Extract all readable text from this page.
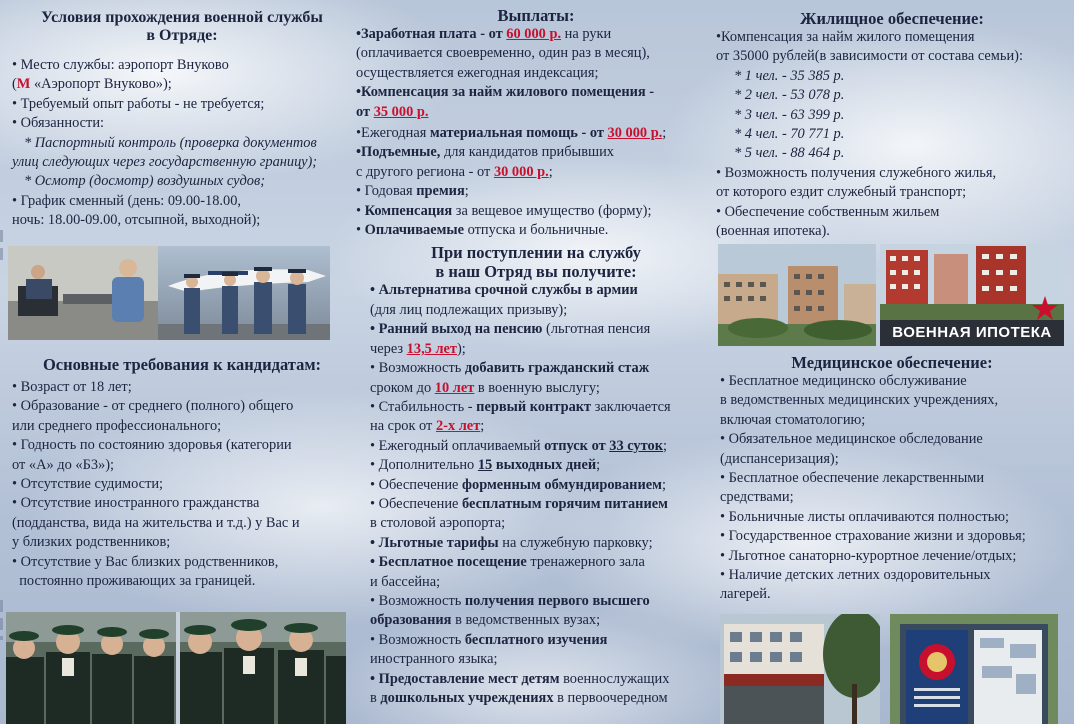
Условия прохождения военной службы
в Отряде:

• Место службы: аэропорт Внуково

(М «Аэропорт Внуково»);

• Требуемый опыт работы - не требуется;

• Обязанности:

* Паспортный контроль (проверка документов

улиц следующих через государственную границу);

* Осмотр (досмотр) воздушных судов;

• График сменный (день: 09.00-18.00,

ночь: 18.00-09.00, отсыпной, выходной);

Основные требования к кандидатам:

• Возраст от 18 лет;

• Образование - от среднего (полного) общего

или среднего профессионального;

• Годность по состоянию здоровья (категории

от «А» до «Б3»);

• Отсутствие судимости;

• Отсутствие иностранного гражданства

(подданства, вида на жительства и т.д.) у Вас и

у близких родственников;

• Отсутствие у Вас близких родственников,

постоянно проживающих за границей.

Выплаты:

•Заработная плата - от 60 000 р. на руки

(оплачивается своевременно, один раз в месяц),

осуществляется ежегодная индексация;

•Компенсация за найм жилового помещения -

от 35 000 р.

•Ежегодная материальная помощь - от 30 000 р.;

•Подъемные, для кандидатов прибывших

с другого региона - от 30 000 р.;

• Годовая премия;

• Компенсация за вещевое имущество (форму);

• Оплачиваемые отпуска и больничные.

При поступлении на службу
в наш Отряд вы получите:

• Альтернатива срочной службы в армии

(для лиц подлежащих призыву);

• Ранний выход на пенсию (льготная пенсия

через 13,5 лет);

• Возможность добавить гражданский стаж

сроком до 10 лет в военную выслугу;

• Стабильность - первый контракт заключается

на срок от 2-х лет;

• Ежегодный оплачиваемый отпуск от 33 суток;

• Дополнительно 15 выходных дней;

• Обеспечение форменным обмундированием;

• Обеспечение бесплатным горячим питанием

в столовой аэропорта;

• Льготные тарифы на служебную парковку;

• Бесплатное посещение тренажерного зала

и бассейна;

• Возможность получения первого высшего

образования в ведомственных вузах;

• Возможность бесплатного изучения

иностранного языка;

• Предоставление мест детям военнослужащих

в дошкольных учреждениях в первоочередном

Жилищное обеспечение:

•Компенсация за найм жилого помещения

от 35000 рублей(в зависимости от состава семьи):

* 1 чел. - 35 385 р.

* 2 чел. - 53 078 р.

* 3 чел. - 63 399 р.

* 4 чел. - 70 771 р.

* 5 чел. - 88 464 р.

• Возможность получения служебного жилья,

от которого ездит служебный транспорт;

• Обеспечение собственным жильем

(военная ипотека).

ВОЕННАЯ ИПОТЕКА

Медицинское обеспечение:

• Бесплатное медицинско обслуживание

в ведомственных медицинских учреждениях,

включая стоматологию;

• Обязательное медицинское обследование

(диспансеризация);

• Бесплатное обеспечение лекарственными

средствами;

• Больничные листы оплачиваются полностью;

• Государственное страхование жизни и здоровья;

• Льготное санаторно-курортное лечение/отдых;

• Наличие детских летних оздоровительных

лагерей.
